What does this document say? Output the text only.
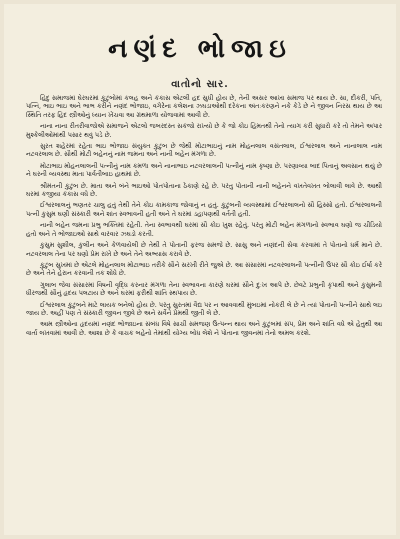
નણંદ ભોજાઇ
વાતોનો સાર.

હિંદુ સમાજમાં ઘેરઘરમાં કુટુંબોમાં કલહ અને કંકાસ એટલી હદ સુધી હોય છે, તેની અસર આખા સમાજ પર થાય છે. સા, દીકરી, પતિ, પત્નિ, ભાઇ ભાઇ અને ભાભ કરીને નણંદ ભોજાઇ, વગેરેના કલેશના ઝઘડાઓથી દરેકના અંતઃકરણને નકે કેડે છે ને જીવન નિરસ થાય છે આ સ્થિતિ તરફ હિંદ સ્ત્રીઓનું ધ્યાન ખેંચવા આ ગ્રંથમાળા યોજવામાં આવી છે.

નાના નાના રીતરીવાજોએ સમાજને એટલો જબરદસ્ત સકંજો રાખ્યો છે કે જો કોઇ હિંમતથી તેનો ત્યાગ કરી સુધારો કરે તો તેમને અપાર મુશ્કેલીઓમાંથી પસાર થવું પડે છે.

સુરત શહેરમાં રહેતા ભાઇ ભોજાઇ સંયુક્ત કુટુંબ છે જેથી મોટાભાઇનું નામ મોહનલાલ વસંતલાલ, ઈશ્વરલાલ અને નાનાલાલ નામ નટવરલાલ છે. સૌથી મોટી બહેનનું નામ જમના અને નાની બહેન મંગળા છે.

મોટાભાઇ મોહનલાલની પત્નીનું નામ કમળા અને નાનાભાઇ નટવરલાલની પત્નીનું નામ કૃષ્ણા છે. પરણાવ્યા બાદ પિતાનું અવસાન થયું છે ને ઘરની વ્યવસ્થા માતા પાર્વતીબાઇ હાથમાં છે.

શ્રીમંતની કુટુંબ છે. માતા અને બંને ભાઇઓ પોતપોતાના ઠેકાણે રહે છે. પરંતુ પોતાની નાની બહેનને વખતેવખત બોલાવી લાવે છે. આથી ઘરમાં કજીયા કંકાસ વધે છે.

ઈશ્વરલાલનું ભણતર ચાલુ હતું તેથી તેને કોઇ કામકાજ જોવાનું ન હતું. કુટુંબની વ્યવસ્થામાં ઈશ્વરલાલનો સૌ હિસ્સો હતો. ઈશ્વરલાલની પત્ની કુસુમ ઘણી સંસ્કારી અને શાંત સ્વભાવની હતી અને તે ઘરમાં ડહાપણથી વર્તતી હતી.

નાની બહેન જમના પ્રભુ ભક્તિમાં રહેતી. તેના સ્વભાવથી ઘરમાં સૌ કોઇ ખુશ રહેતું. પરંતુ મોટી બહેન મંગળાનો સ્વભાવ ઘણો જ ચીડિયો હતો અને તે ભોજાઇઓ સાથે વારંવાર ઝઘડો કરતી.

કુસુમ સુશીલ, કુલીન અને કેળવાયેલી છે તેથી તે પોતાની ફરજ સમજે છે. સાસુ અને નણંદની સેવા કરવામાં તે પોતાનો ધર્મ માને છે. નટવરલાલ તેના પર ઘણો પ્રેમ રાખે છે અને તેને અભ્યાસ કરાવે છે.

કુટુંબ સુખમાં છે એટલે મોહનલાલ મોટાભાઇ તરીકે સૌને સરખી રીતે જુએ છે. આ સંસારમાં નટવરલાલની પત્નીની ઉપર સૌ કોઇ ઈર્ષા કરે છે અને તેને હેરાન કરવાની તક શોધે છે.

ગુલાબ જેવા સંસારમાં વિષની વૃદ્ધિ કરનાર મંગળા તેના સ્વભાવના કારણે ઘરમાં સૌને દુઃખ આપે છે. છેવટે પ્રભુની કૃપાથી અને કુસુમની ધીરજથી સૌનું હૃદય પલટાય છે અને ઘરમાં ફરીથી શાંતિ સ્થપાય છે.

ઈશ્વરલાલ કુટુંબને માટે લાયક બનેલો હોય છે. પરંતુ સુરતમાં વૈદ્ય પર ન આવવાથી મુંબઇમાં નોકરી લે છે ને ત્યાં પોતાની પત્નીને સાથે લઇ જાય છે. અહીં પણ તે સંસ્કારી જીવન જીવે છે અને સર્વેને પ્રેમથી જીતી લે છે.

આમ સ્ત્રીઓના હૃદયમાં નણંદ ભોજાઇના સંબંધ વિષે સાચી સમજણ ઉત્પન્ન થાય અને કુટુંબમાં સંપ, પ્રેમ અને શાંતિ વધે એ હેતુથી આ વાર્તા લખવામાં આવી છે. આશા છે કે વાચક બહેનો તેમાંથી યોગ્ય બોધ લેશે ને પોતાના જીવનમાં તેનો અમલ કરશે.
